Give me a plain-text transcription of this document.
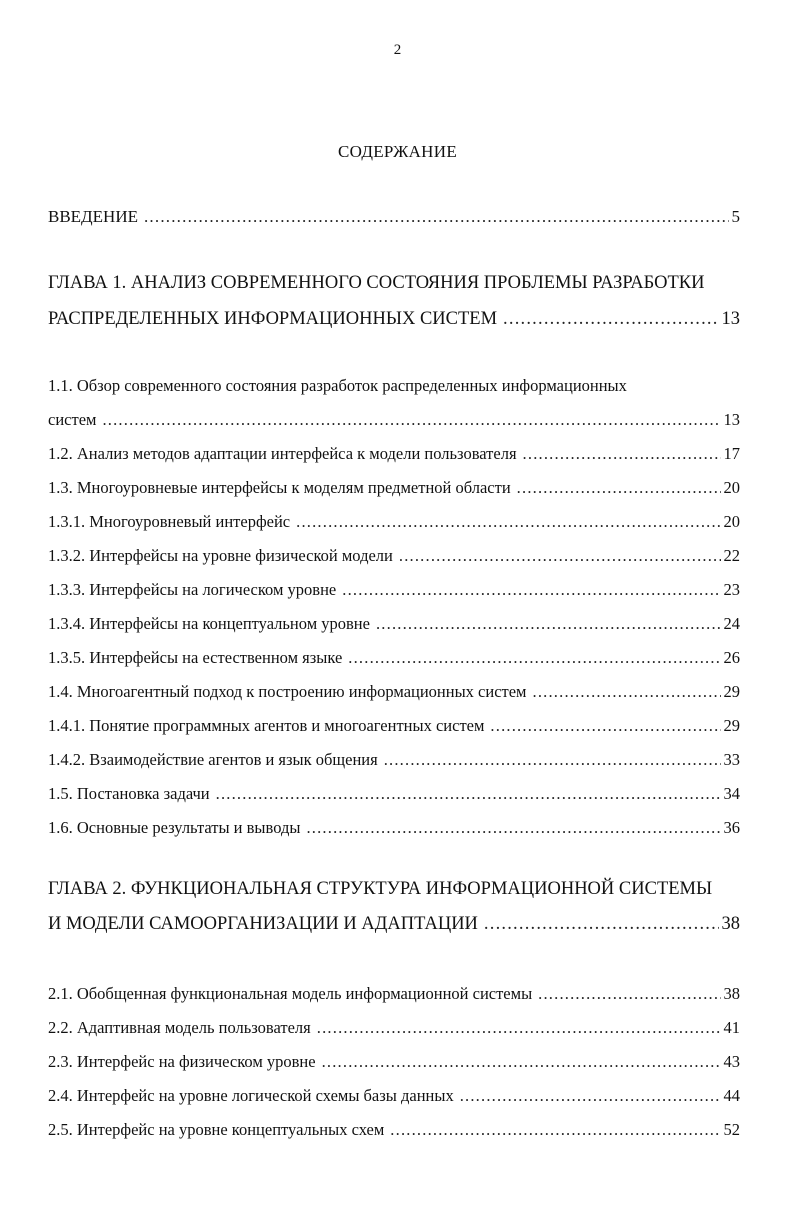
2
СОДЕРЖАНИЕ
ВВЕДЕНИЕ .....	5
ГЛАВА 1. АНАЛИЗ СОВРЕМЕННОГО СОСТОЯНИЯ ПРОБЛЕМЫ РАЗРАБОТКИ
РАСПРЕДЕЛЕННЫХ ИНФОРМАЦИОННЫХ СИСТЕМ .....	13
1.1. Обзор современного состояния разработок распределенных информационных
систем .....	13
1.2. Анализ методов адаптации интерфейса к модели пользователя .....	17
1.3. Многоуровневые интерфейсы к моделям предметной области .....	20
1.3.1. Многоуровневый интерфейс .....	20
1.3.2. Интерфейсы на уровне физической модели .....	22
1.3.3. Интерфейсы на логическом уровне .....	23
1.3.4. Интерфейсы на концептуальном уровне .....	24
1.3.5. Интерфейсы на естественном языке .....	26
1.4. Многоагентный подход к построению информационных систем .....	29
1.4.1. Понятие программных агентов и многоагентных систем .....	29
1.4.2. Взаимодействие агентов и язык общения .....	33
1.5. Постановка задачи .....	34
1.6. Основные результаты и выводы .....	36
ГЛАВА 2. ФУНКЦИОНАЛЬНАЯ СТРУКТУРА ИНФОРМАЦИОННОЙ СИСТЕМЫ
И МОДЕЛИ САМООРГАНИЗАЦИИ И АДАПТАЦИИ .....	38
2.1. Обобщенная функциональная модель информационной системы .....	38
2.2. Адаптивная модель пользователя .....	41
2.3. Интерфейс на физическом уровне .....	43
2.4. Интерфейс на уровне логической схемы базы данных .....	44
2.5. Интерфейс на уровне концептуальных схем .....	52
